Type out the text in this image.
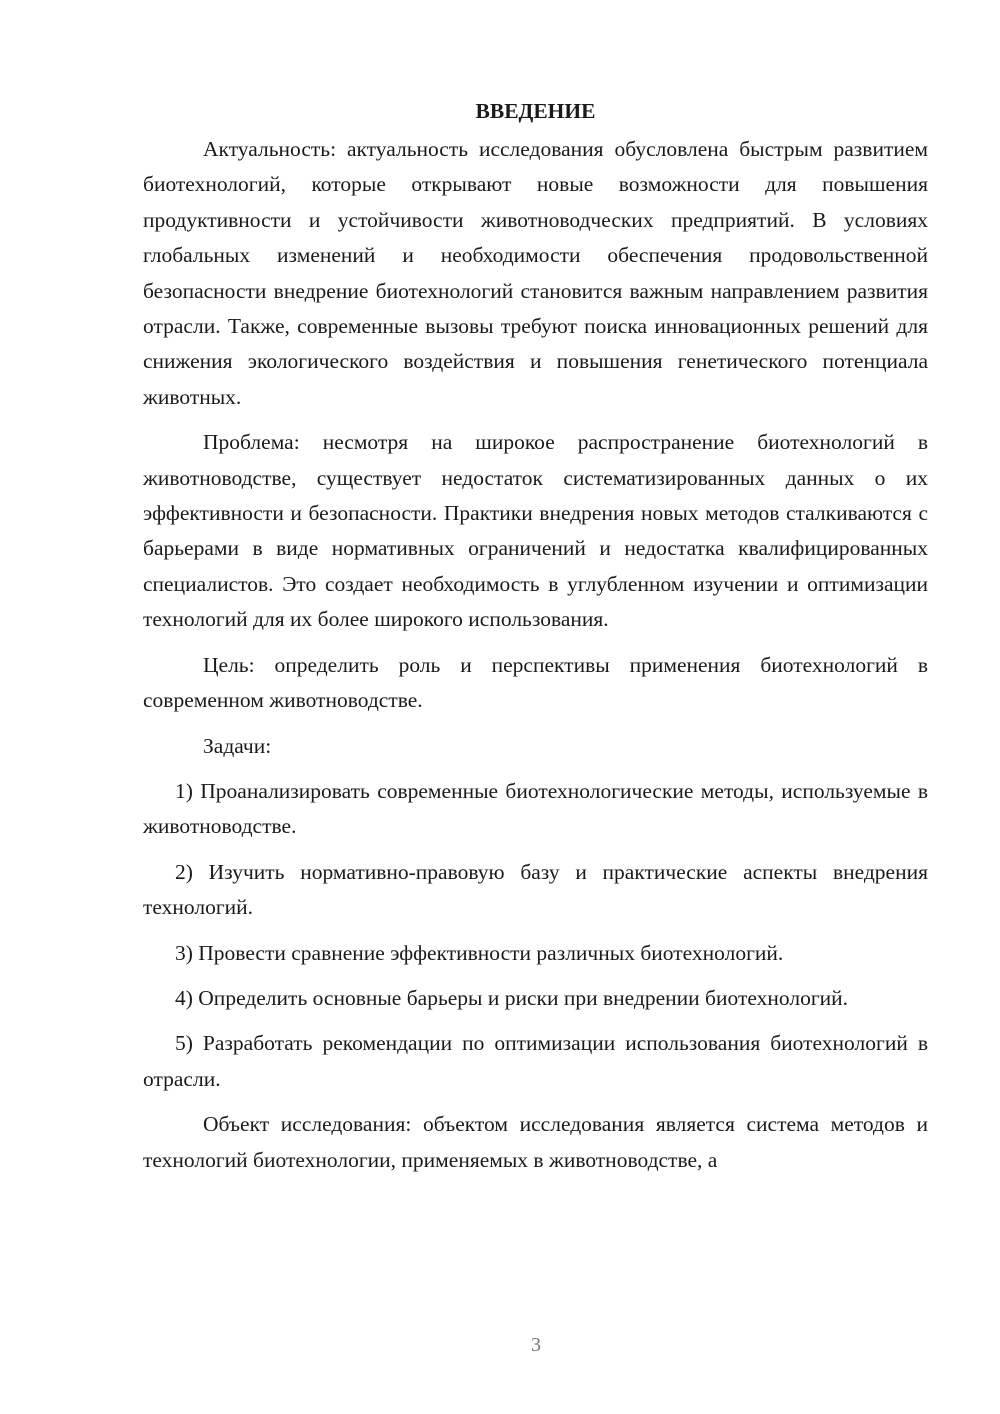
ВВЕДЕНИЕ

Актуальность: актуальность исследования обусловлена быстрым развитием биотехнологий, которые открывают новые возможности для повышения продуктивности и устойчивости животноводческих предприятий. В условиях глобальных изменений и необходимости обеспечения продовольственной безопасности внедрение биотехнологий становится важным направлением развития отрасли. Также, современные вызовы требуют поиска инновационных решений для снижения экологического воздействия и повышения генетического потенциала животных.

Проблема: несмотря на широкое распространение биотехнологий в животноводстве, существует недостаток систематизированных данных о их эффективности и безопасности. Практики внедрения новых методов сталкиваются с барьерами в виде нормативных ограничений и недостатка квалифицированных специалистов. Это создает необходимость в углубленном изучении и оптимизации технологий для их более широкого использования.

Цель: определить роль и перспективы применения биотехнологий в современном животноводстве.

Задачи:

1) Проанализировать современные биотехнологические методы, используемые в животноводстве.

2) Изучить нормативно-правовую базу и практические аспекты внедрения технологий.

3) Провести сравнение эффективности различных биотехнологий.

4) Определить основные барьеры и риски при внедрении биотехнологий.

5) Разработать рекомендации по оптимизации использования биотехнологий в отрасли.

Объект исследования: объектом исследования является система методов и технологий биотехнологии, применяемых в животноводстве, а

3
